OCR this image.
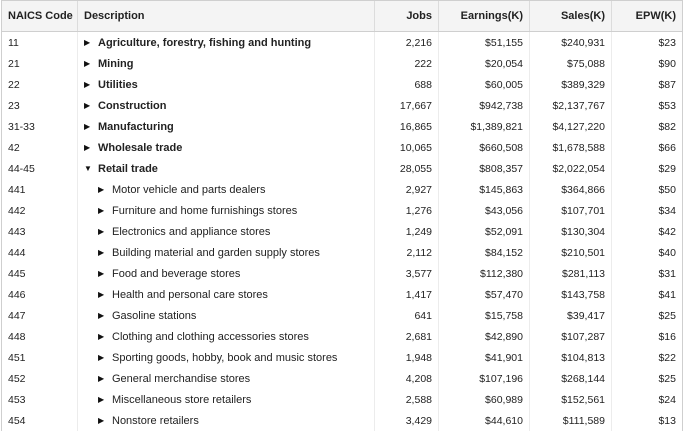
NAICS Code	Description	Jobs	Earnings(K)	Sales(K)	EPW(K)
11	▶ Agriculture, forestry, fishing and hunting	2,216	$51,155	$240,931	$23
21	▶ Mining	222	$20,054	$75,088	$90
22	▶ Utilities	688	$60,005	$389,329	$87
23	▶ Construction	17,667	$942,738	$2,137,767	$53
31-33	▶ Manufacturing	16,865	$1,389,821	$4,127,220	$82
42	▶ Wholesale trade	10,065	$660,508	$1,678,588	$66
44-45	▼ Retail trade	28,055	$808,357	$2,022,054	$29
441	▶ Motor vehicle and parts dealers	2,927	$145,863	$364,866	$50
442	▶ Furniture and home furnishings stores	1,276	$43,056	$107,701	$34
443	▶ Electronics and appliance stores	1,249	$52,091	$130,304	$42
444	▶ Building material and garden supply stores	2,112	$84,152	$210,501	$40
445	▶ Food and beverage stores	3,577	$112,380	$281,113	$31
446	▶ Health and personal care stores	1,417	$57,470	$143,758	$41
447	▶ Gasoline stations	641	$15,758	$39,417	$25
448	▶ Clothing and clothing accessories stores	2,681	$42,890	$107,287	$16
451	▶ Sporting goods, hobby, book and music stores	1,948	$41,901	$104,813	$22
452	▶ General merchandise stores	4,208	$107,196	$268,144	$25
453	▶ Miscellaneous store retailers	2,588	$60,989	$152,561	$24
454	▶ Nonstore retailers	3,429	$44,610	$111,589	$13
